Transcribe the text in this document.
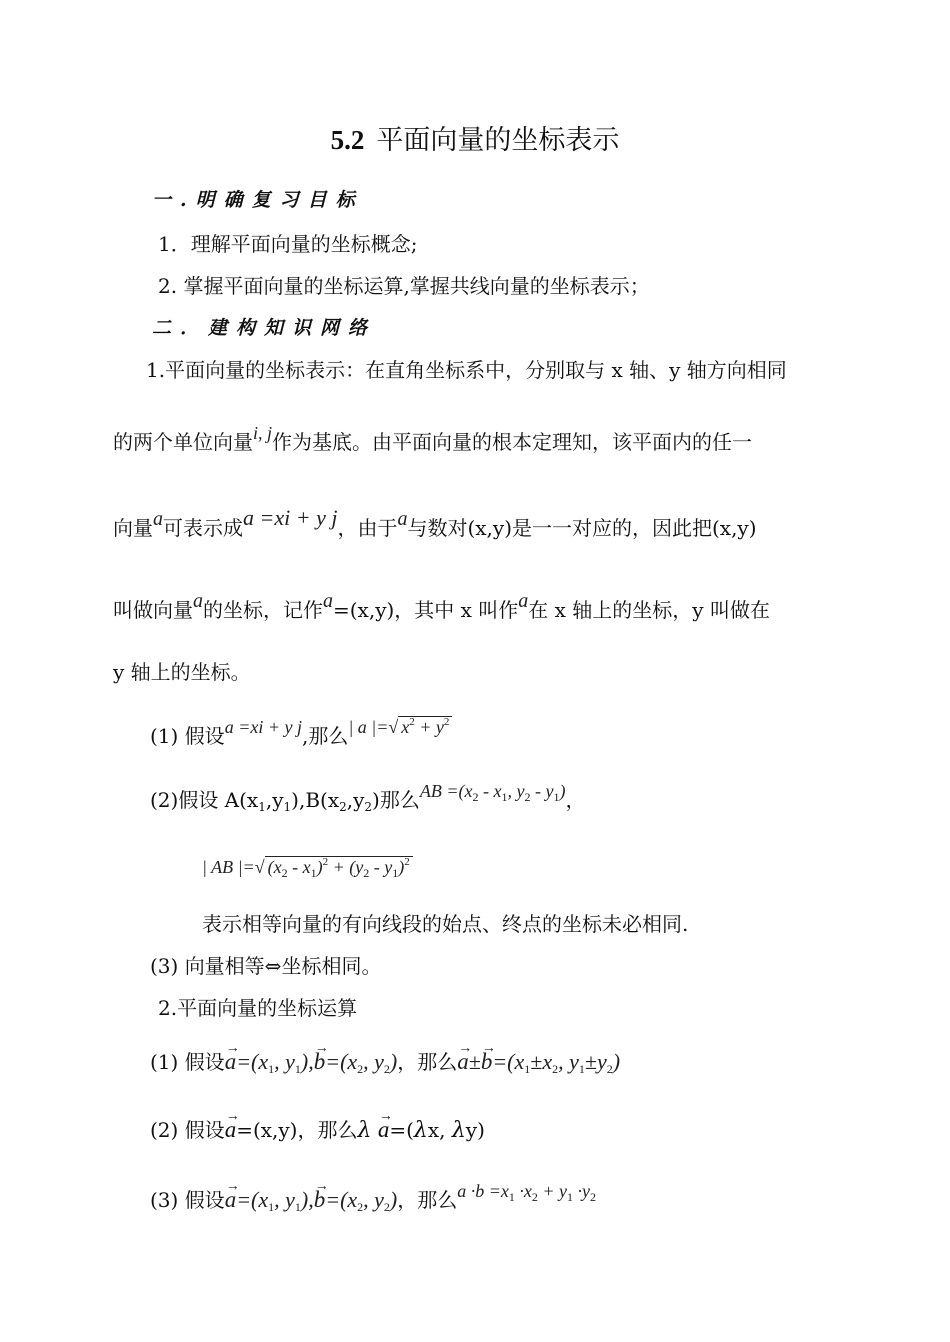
5.2 平面向量的坐标表示
一.明确复习目标
1．理解平面向量的坐标概念;
2. 掌握平面向量的坐标运算,掌握共线向量的坐标表示；
二．建构知识网络
1.平面向量的坐标表示：在直角坐标系中，分别取与 x 轴、y 轴方向相同
的两个单位向量i, j作为基底。由平面向量的根本定理知，该平面内的任一
向量a可表示成a =xi + y j，由于a与数对(x,y)是一一对应的，因此把(x,y)
叫做向量a的坐标，记作a=(x,y)，其中 x 叫作a在 x 轴上的坐标，y 叫做在
y 轴上的坐标。
(1) 假设a =xi + y j,那么| a |=√ $x^2 + y^2$
(2)假设 $A(x_1,y_1),B(x_2,y_2)$那么AB $=(x_2 - x_1$, $y_2 - y_1$)，
| AB |=√ $(x_2 - x_1)^2 + (y_2 - y_1)^2$
表示相等向量的有向线段的始点、终点的坐标未必相同.
(3) 向量相等⇔坐标相同。
2.平面向量的坐标运算
(1) 假设→ $a=(x_1$, $y_1),\to b=(x_2$, $y_2$)，那么→ $a\pm\to b=(x_1\pm x_2$, $y_1\pm y_2$)
(2) 假设→ a=(x,y)，那么λ → a=(λx, λy)
(3) 假设→ $a=(x_1$, $y_1),\to b=(x_2$, $y_2$)，那么$a \cdot b =x_1 \cdot x_2 + y_1 \cdot y_2$
